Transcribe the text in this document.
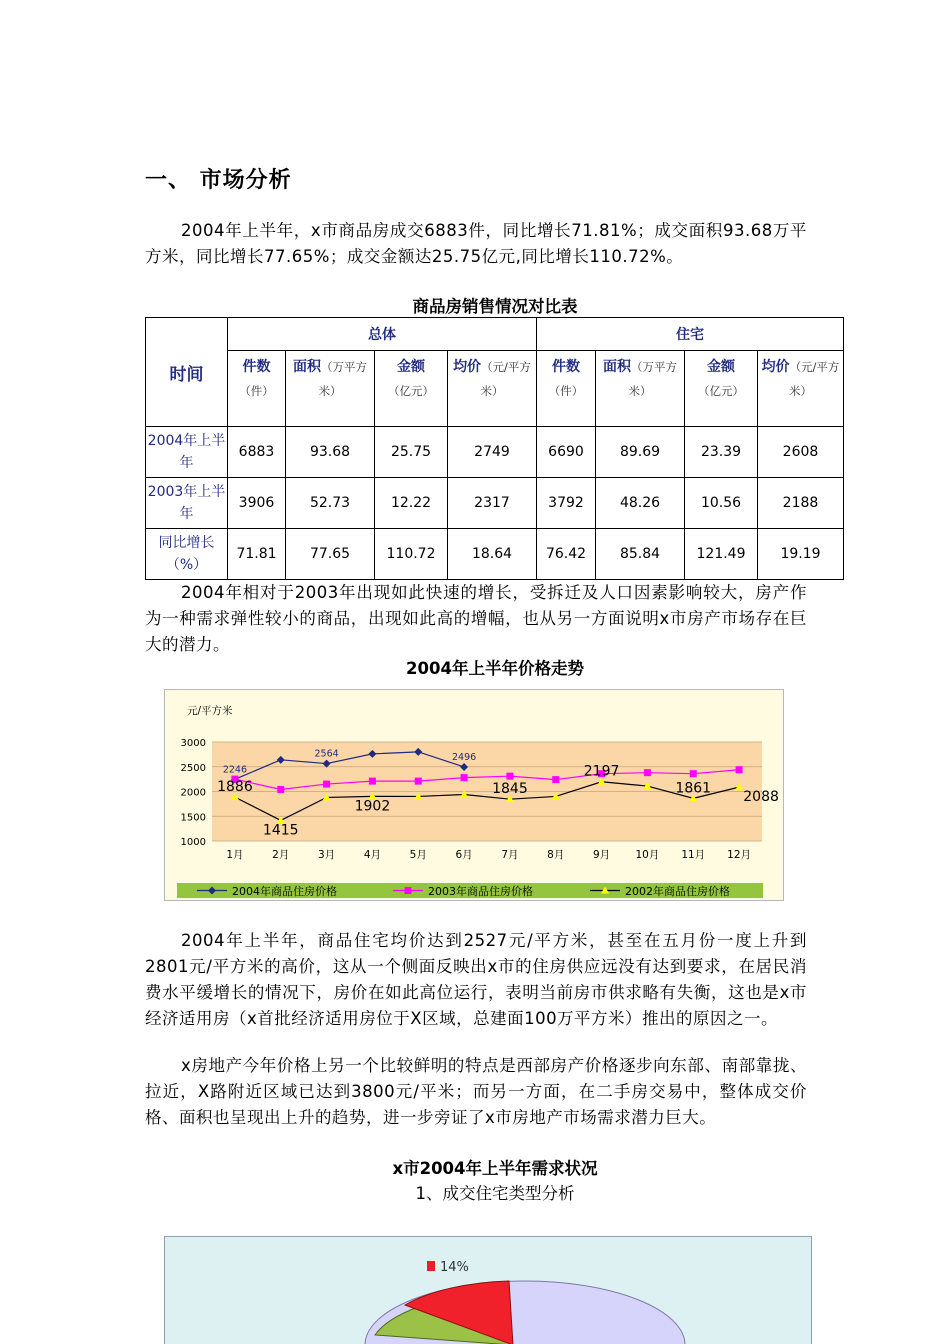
一、 市场分析

2004年上半年，x市商品房成交6883件，同比增长71.81%；成交面积93.68万平方米，同比增长77.65%；成交金额达25.75亿元,同比增长110.72%。

商品房销售情况对比表
时间	总体				住宅			
	件数（件）	面积（万平方米）	金额（亿元）	均价（元/平方米）	件数（件）	面积（万平方米）	金额（亿元）	均价（元/平方米）
2004年上半年	6883	93.68	25.75	2749	6690	89.69	23.39	2608
2003年上半年	3906	52.73	12.22	2317	3792	48.26	10.56	2188
同比增长（%）	71.81	77.65	110.72	18.64	76.42	85.84	121.49	19.19

2004年相对于2003年出现如此快速的增长，受拆迁及人口因素影响较大，房产作为一种需求弹性较小的商品，出现如此高的增幅，也从另一方面说明x市房产市场存在巨大的潜力。

2004年上半年价格走势
3000
2500
2000
1500
1000
元/平方米
1月	2月	3月	4月	5月	6月	7月	8月	9月 10月 11月 12月
2246
2564	2496
1886
1415
1902
1845
2197
1861
2088
2004年商品住房价格	2003年商品住房价格	2002年商品住房价格

2004年上半年，商品住宅均价达到2527元/平方米，甚至在五月份一度上升到2801元/平方米的高价，这从一个侧面反映出x市的住房供应远没有达到要求，在居民消费水平缓增长的情况下，房价在如此高位运行，表明当前房市供求略有失衡，这也是x市经济适用房（x首批经济适用房位于X区域，总建面100万平方米）推出的原因之一。

x房地产今年价格上另一个比较鲜明的特点是西部房产价格逐步向东部、南部靠拢、拉近，X路附近区域已达到3800元/平米；而另一方面，在二手房交易中，整体成交价格、面积也呈现出上升的趋势，进一步旁证了x市房地产市场需求潜力巨大。

x市2004年上半年需求状况
1、成交住宅类型分析
14%
